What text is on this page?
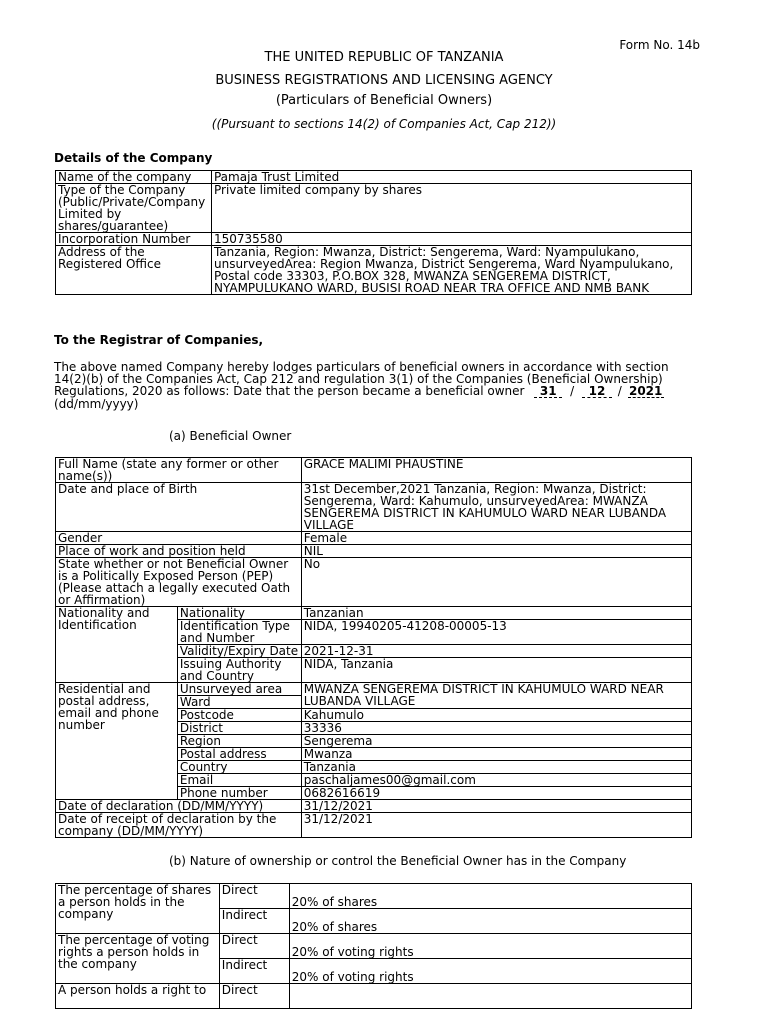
Form No. 14b
THE UNITED REPUBLIC OF TANZANIA
BUSINESS REGISTRATIONS AND LICENSING AGENCY
(Particulars of Beneficial Owners)
((Pursuant to sections 14(2) of Companies Act, Cap 212))
Details of the Company
Name of the company	Pamaja Trust Limited
Type of the Company (Public/Private/Company Limited by shares/guarantee)	Private limited company by shares
Incorporation Number	150735580
Address of the Registered Office	Tanzania, Region: Mwanza, District: Sengerema, Ward: Nyampulukano, unsurveyedArea: Region Mwanza, District Sengerema, Ward Nyampulukano, Postal code 33303, P.O.BOX 328, MWANZA SENGEREMA DISTRICT, NYAMPULUKANO WARD, BUSISI ROAD NEAR TRA OFFICE AND NMB BANK
To the Registrar of Companies,
The above named Company hereby lodges particulars of beneficial owners in accordance with section 14(2)(b) of the Companies Act, Cap 212 and regulation 3(1) of the Companies (Beneficial Ownership) Regulations, 2020 as follows: Date that the person became a beneficial owner 31 / 12 / 2021
(dd/mm/yyyy)
(a) Beneficial Owner
Full Name (state any former or other name(s))		GRACE MALIMI PHAUSTINE
Date and place of Birth		31st December,2021 Tanzania, Region: Mwanza, District: Sengerema, Ward: Kahumulo, unsurveyedArea: MWANZA SENGEREMA DISTRICT IN KAHUMULO WARD NEAR LUBANDA VILLAGE
Gender		Female
Place of work and position held		NIL
State whether or not Beneficial Owner is a Politically Exposed Person (PEP) (Please attach a legally executed Oath or Affirmation)		No
Nationality and Identification	Nationality	Tanzanian
	Identification Type and Number	NIDA, 19940205-41208-00005-13
	Validity/Expiry Date	2021-12-31
	Issuing Authority and Country	NIDA, Tanzania
Residential and postal address, email and phone number	Unsurveyed area	MWANZA SENGEREMA DISTRICT IN KAHUMULO WARD NEAR LUBANDA VILLAGE
	Ward	
	Postcode	Kahumulo
	District	33336
	Region	Sengerema
	Postal address	Mwanza
	Country	Tanzania
	Email	paschaljames00@gmail.com
	Phone number	0682616619
Date of declaration (DD/MM/YYYY)		31/12/2021
Date of receipt of declaration by the company (DD/MM/YYYY)		31/12/2021
(b) Nature of ownership or control the Beneficial Owner has in the Company
The percentage of shares a person holds in the company	Direct	20% of shares
	Indirect	20% of shares
The percentage of voting rights a person holds in the company	Direct	20% of voting rights
	Indirect	20% of voting rights
A person holds a right to	Direct	
